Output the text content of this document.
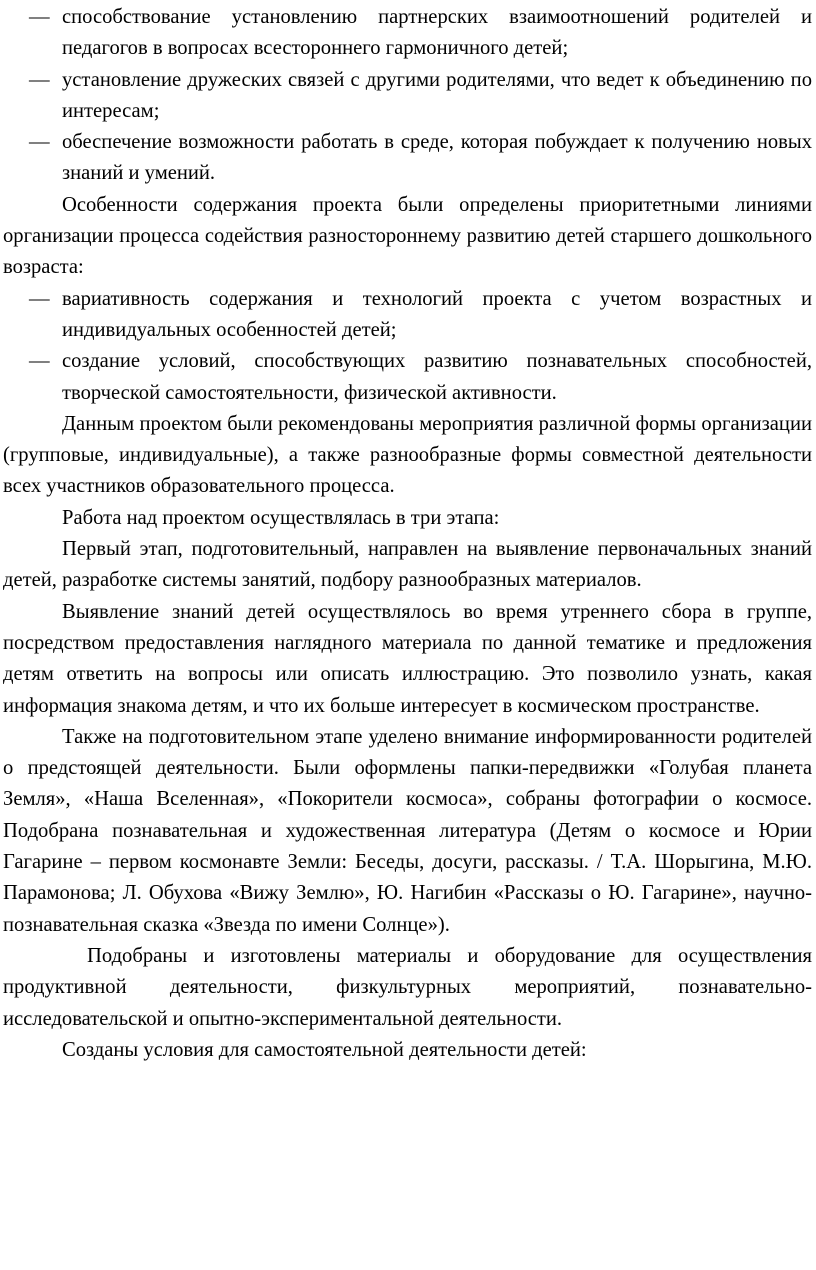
— способствование установлению партнерских взаимоотношений родителей и педагогов в вопросах всестороннего гармоничного детей;

— установление дружеских связей с другими родителями, что ведет к объединению по интересам;

— обеспечение возможности работать в среде, которая побуждает к получению новых знаний и умений.

Особенности содержания проекта были определены приоритетными линиями организации процесса содействия разностороннему развитию детей старшего дошкольного возраста:

— вариативность содержания и технологий проекта с учетом возрастных и индивидуальных особенностей детей;

— создание условий, способствующих развитию познавательных способностей, творческой самостоятельности, физической активности.

Данным проектом были рекомендованы мероприятия различной формы организации (групповые, индивидуальные), а также разнообразные формы совместной деятельности всех участников образовательного процесса.

Работа над проектом осуществлялась в три этапа:

Первый этап, подготовительный, направлен на выявление первоначальных знаний детей, разработке системы занятий, подбору разнообразных материалов.

Выявление знаний детей осуществлялось во время утреннего сбора в группе, посредством предоставления наглядного материала по данной тематике и предложения детям ответить на вопросы или описать иллюстрацию. Это позволило узнать, какая информация знакома детям, и что их больше интересует в космическом пространстве.

Также на подготовительном этапе уделено внимание информированности родителей о предстоящей деятельности. Были оформлены папки-передвижки «Голубая планета Земля», «Наша Вселенная», «Покорители космоса», собраны фотографии о космосе. Подобрана познавательная и художественная литература (Детям о космосе и Юрии Гагарине – первом космонавте Земли: Беседы, досуги, рассказы. / Т.А. Шорыгина, М.Ю. Парамонова; Л. Обухова «Вижу Землю», Ю. Нагибин «Рассказы о Ю. Гагарине», научно-познавательная сказка «Звезда по имени Солнце»).

Подобраны и изготовлены материалы и оборудование для осуществления продуктивной деятельности, физкультурных мероприятий, познавательно-исследовательской и опытно-экспериментальной деятельности.

Созданы условия для самостоятельной деятельности детей:
